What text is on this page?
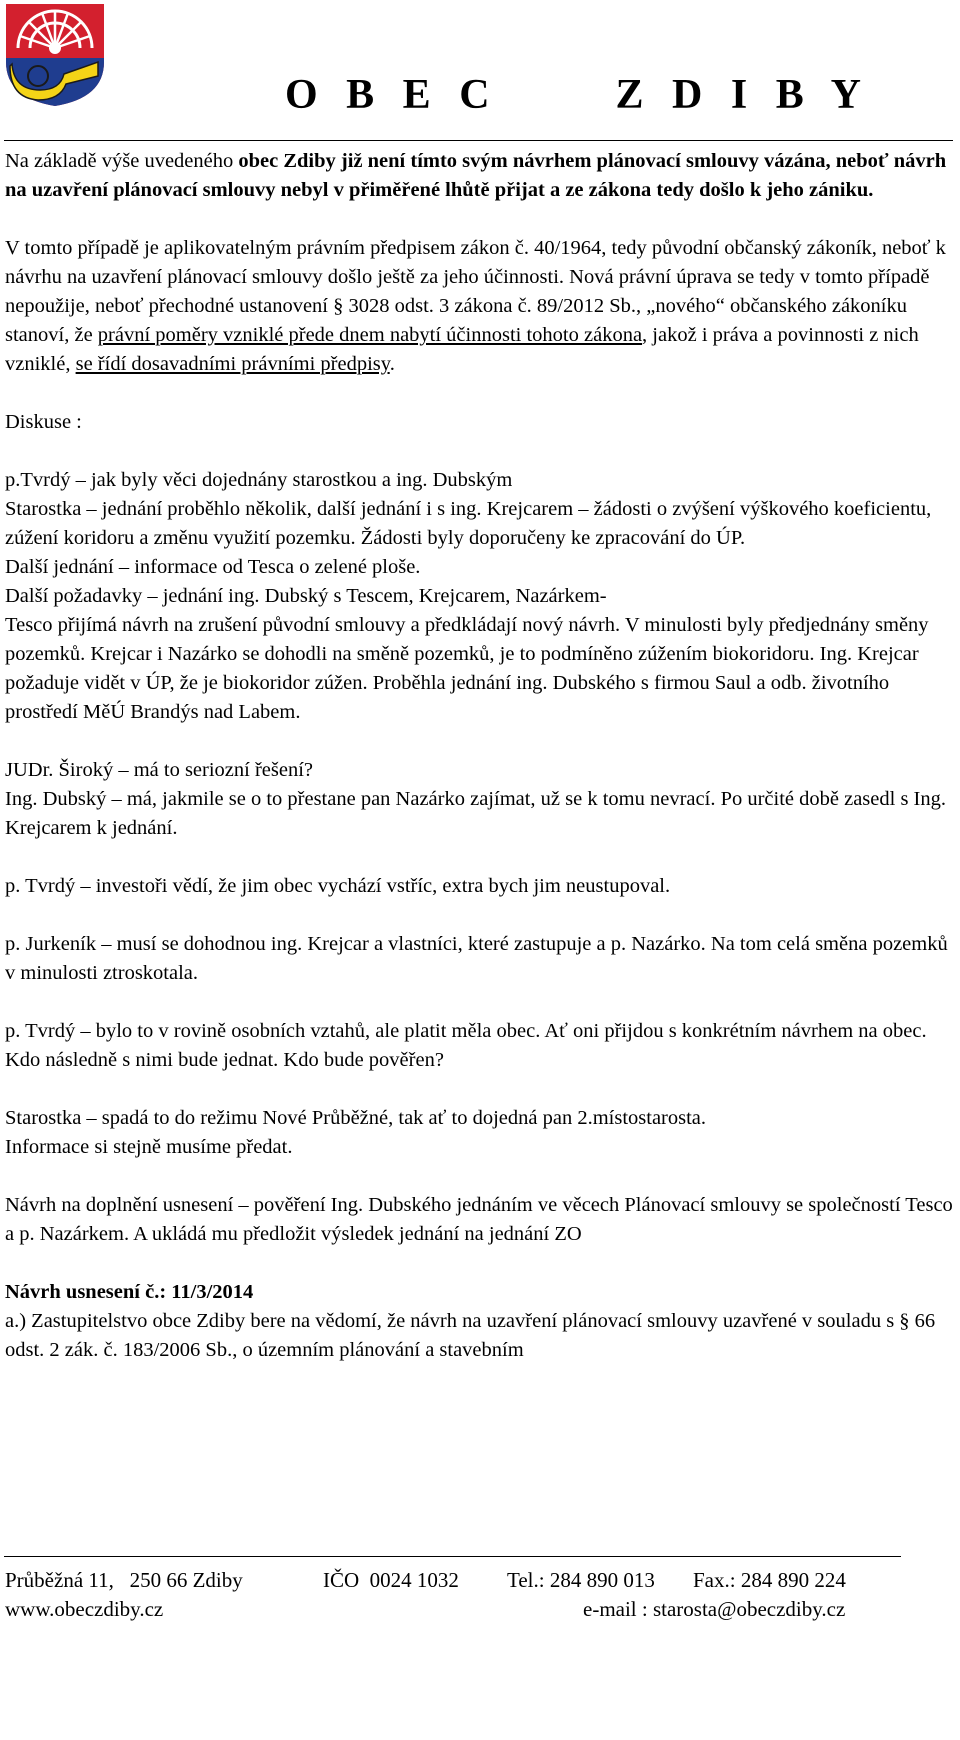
O B E C      Z D I B Y

Na základě výše uvedeného obec Zdiby již není tímto svým návrhem plánovací smlouvy vázána, neboť návrh na uzavření plánovací smlouvy nebyl v přiměřené lhůtě přijat a ze zákona tedy došlo k jeho zániku.

V tomto případě je aplikovatelným právním předpisem zákon č. 40/1964, tedy původní občanský zákoník, neboť k návrhu na uzavření plánovací smlouvy došlo ještě za jeho účinnosti. Nová právní úprava se tedy v tomto případě nepoužije, neboť přechodné ustanovení § 3028 odst. 3 zákona č. 89/2012 Sb., „nového“ občanského zákoníku stanoví, že právní poměry vzniklé přede dnem nabytí účinnosti tohoto zákona, jakož i práva a povinnosti z nich vzniklé, se řídí dosavadními právními předpisy.

Diskuse :

p.Tvrdý – jak byly věci dojednány starostkou a ing. Dubským

Starostka – jednání proběhlo několik, další jednání i s ing. Krejcarem – žádosti o zvýšení výškového koeficientu, zúžení koridoru a změnu využití pozemku. Žádosti byly doporučeny ke zpracování do ÚP.

Další jednání – informace od Tesca o zelené ploše.

Další požadavky – jednání ing. Dubský s Tescem, Krejcarem, Nazárkem-

Tesco přijímá návrh na zrušení původní smlouvy a předkládají nový návrh. V minulosti byly předjednány směny pozemků. Krejcar i Nazárko se dohodli na směně pozemků, je to podmíněno zúžením biokoridoru. Ing. Krejcar požaduje vidět v ÚP, že je biokoridor zúžen. Proběhla jednání ing. Dubského s firmou Saul a odb. životního prostředí MěÚ Brandýs nad Labem.

JUDr. Široký – má to seriozní řešení?

Ing. Dubský – má, jakmile se o to přestane pan Nazárko zajímat, už se k tomu nevrací. Po určité době zasedl s Ing. Krejcarem k jednání.

p. Tvrdý – investoři vědí, že jim obec vychází vstříc, extra bych jim neustupoval.

p. Jurkeník – musí se dohodnou ing. Krejcar a vlastníci, které zastupuje a p. Nazárko. Na tom celá směna pozemků v minulosti ztroskotala.

p. Tvrdý – bylo to v rovině osobních vztahů, ale platit měla obec. Ať oni přijdou s konkrétním návrhem na obec. Kdo následně s nimi bude jednat. Kdo bude pověřen?

Starostka – spadá to do režimu Nové Průběžné, tak ať to dojedná pan 2.místostarosta.

Informace si stejně musíme předat.

Návrh na doplnění usnesení – pověření Ing. Dubského jednáním ve věcech Plánovací smlouvy se společností Tesco a p. Nazárkem. A ukládá mu předložit výsledek jednání na jednání ZO

Návrh usnesení č.: 11/3/2014

a.) Zastupitelstvo obce Zdiby bere na vědomí, že návrh na uzavření plánovací smlouvy uzavřené v souladu s § 66 odst. 2 zák. č. 183/2006 Sb., o územním plánování a stavebním

Průběžná 11,   250 66 Zdiby

	IČO  0024 1032

Tel.: 284 890 013

Fax.: 284 890 224

www.obeczdiby.cz

	e-mail : starosta@obeczdiby.cz
